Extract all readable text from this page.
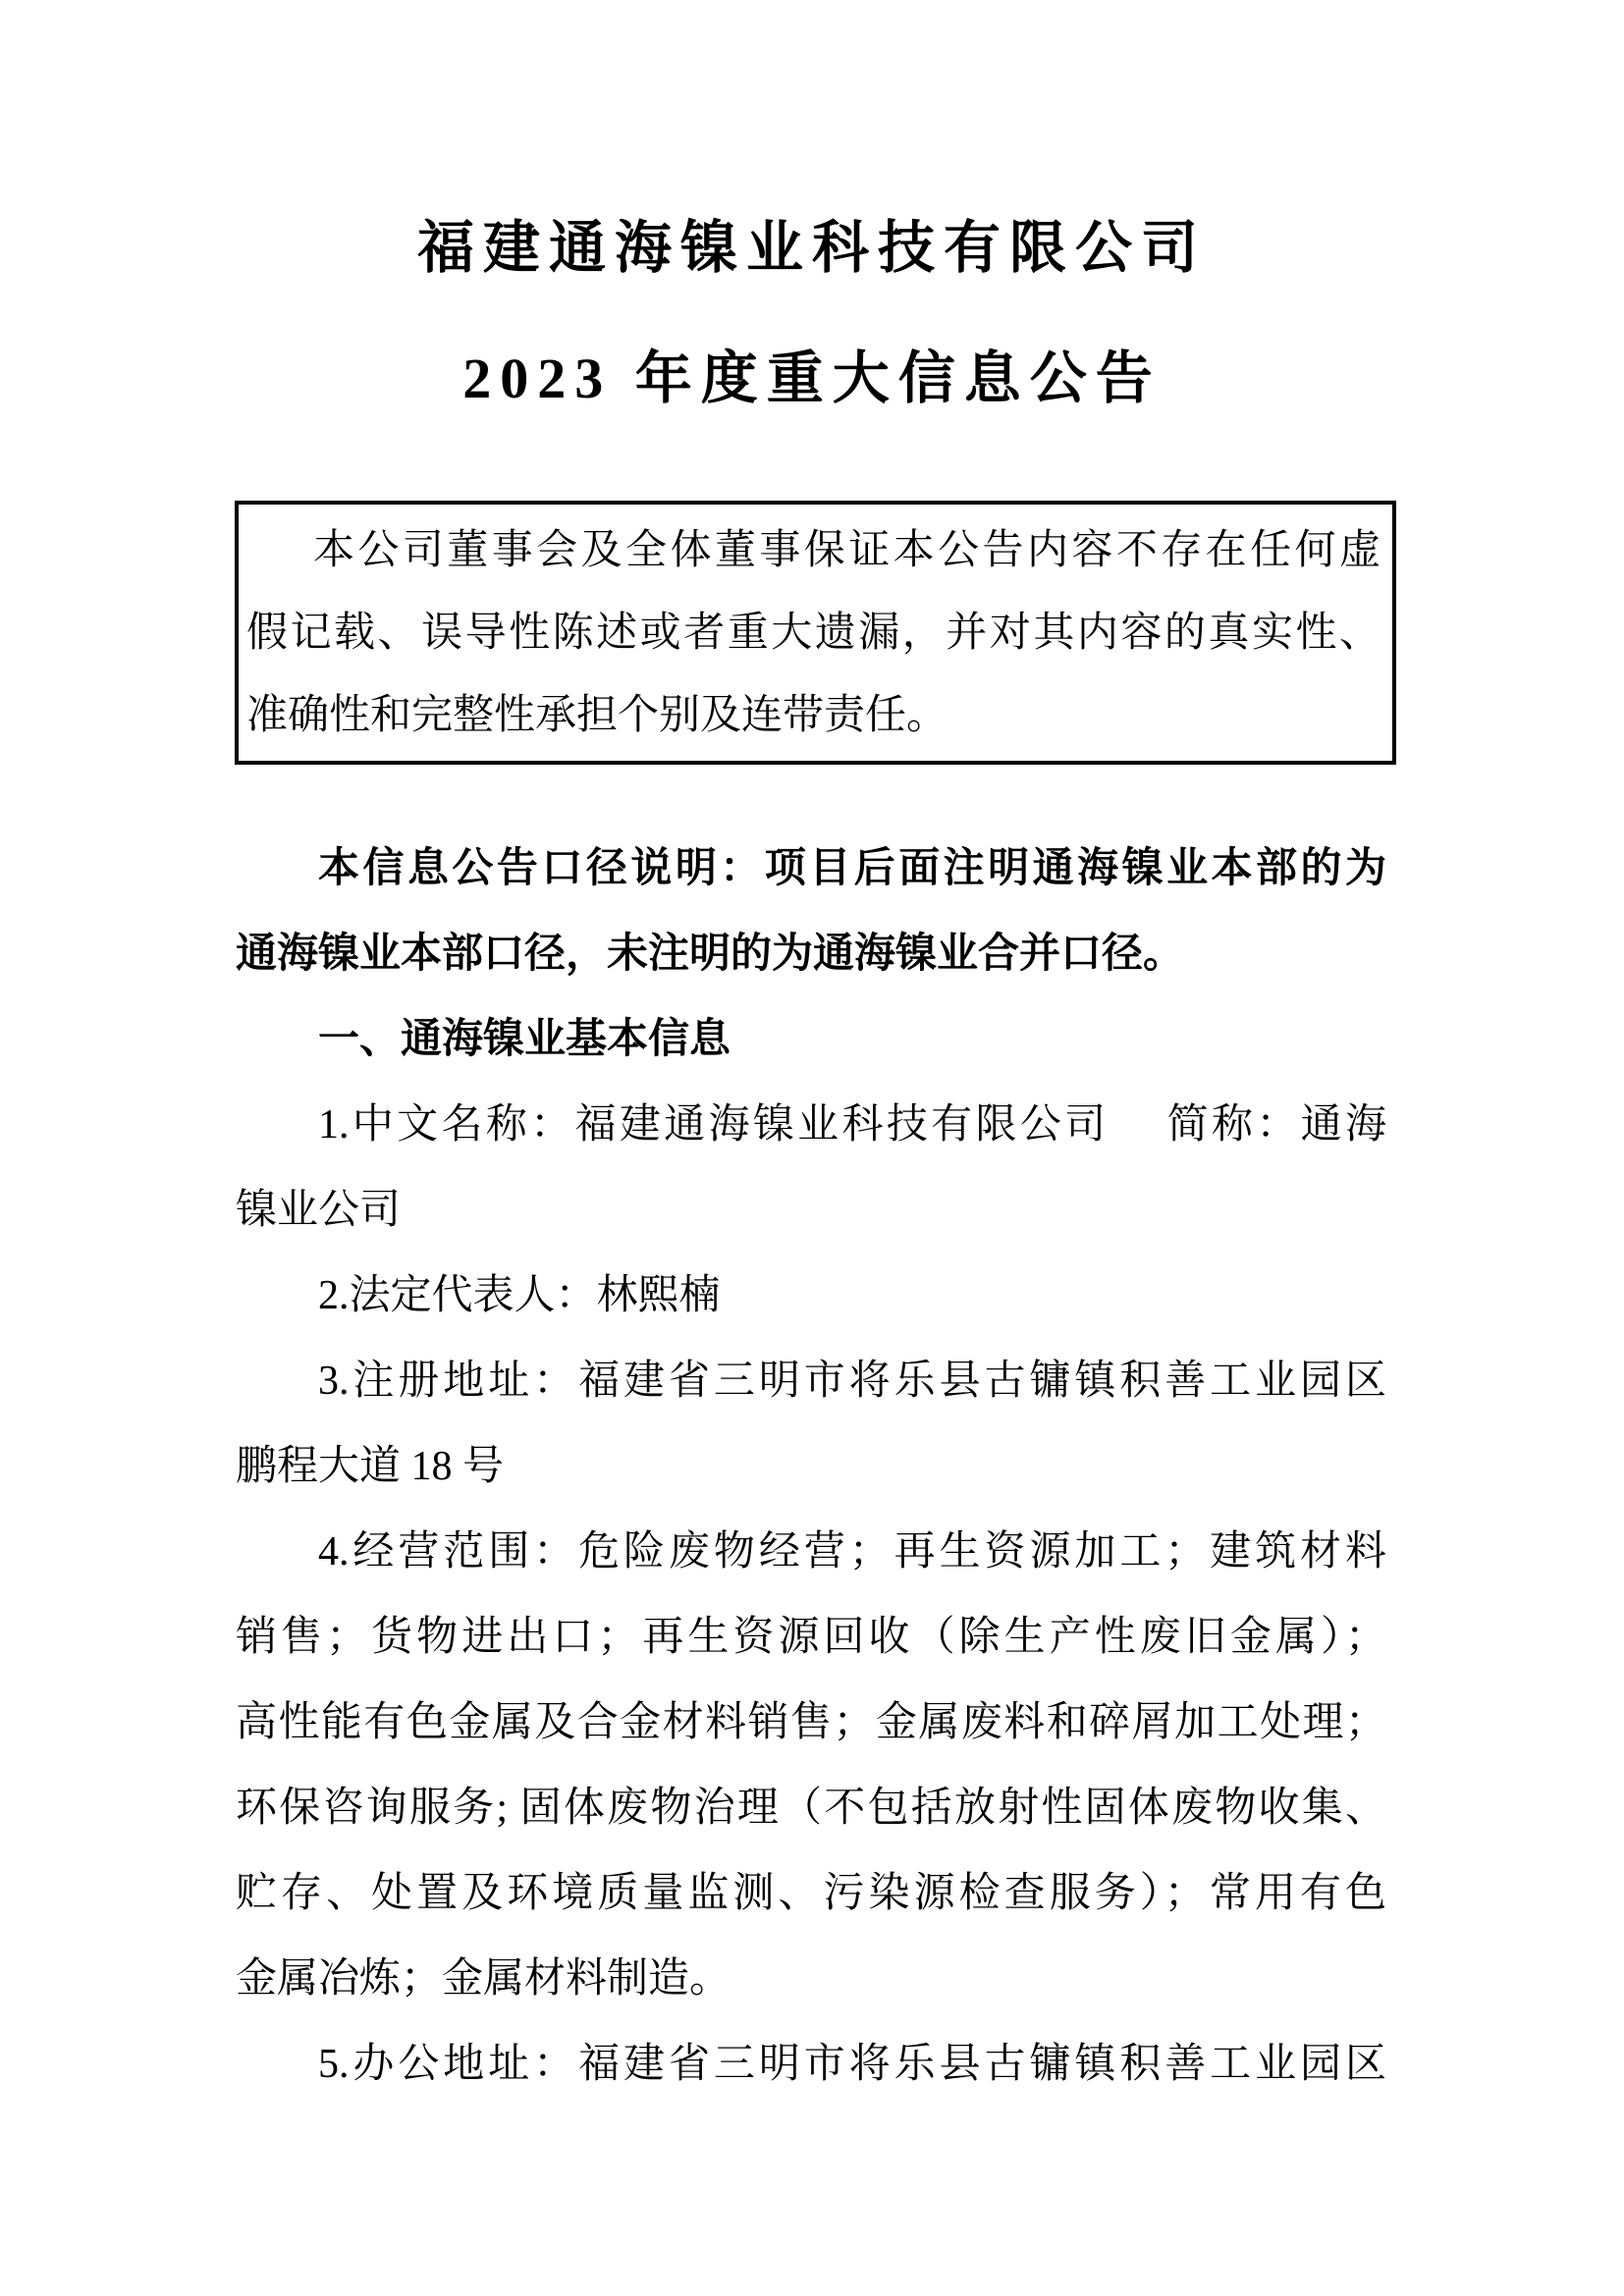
福建通海镍业科技有限公司
2023 年度重大信息公告
本公司董事会及全体董事保证本公告内容不存在任何虚
假记载、误导性陈述或者重大遗漏，并对其内容的真实性、
准确性和完整性承担个别及连带责任。
本信息公告口径说明：项目后面注明通海镍业本部的为
通海镍业本部口径，未注明的为通海镍业合并口径。
一、通海镍业基本信息
1.中文名称：福建通海镍业科技有限公司　 简称：通海
镍业公司
2.法定代表人：林熙楠
3.注册地址：福建省三明市将乐县古镛镇积善工业园区
鹏程大道 18 号
4.经营范围：危险废物经营；再生资源加工；建筑材料
销售；货物进出口；再生资源回收（除生产性废旧金属）；
高性能有色金属及合金材料销售；金属废料和碎屑加工处理；
环保咨询服务; 固体废物治理（不包括放射性固体废物收集、
贮存、处置及环境质量监测、污染源检查服务）；常用有色
金属冶炼；金属材料制造。
5.办公地址：福建省三明市将乐县古镛镇积善工业园区
